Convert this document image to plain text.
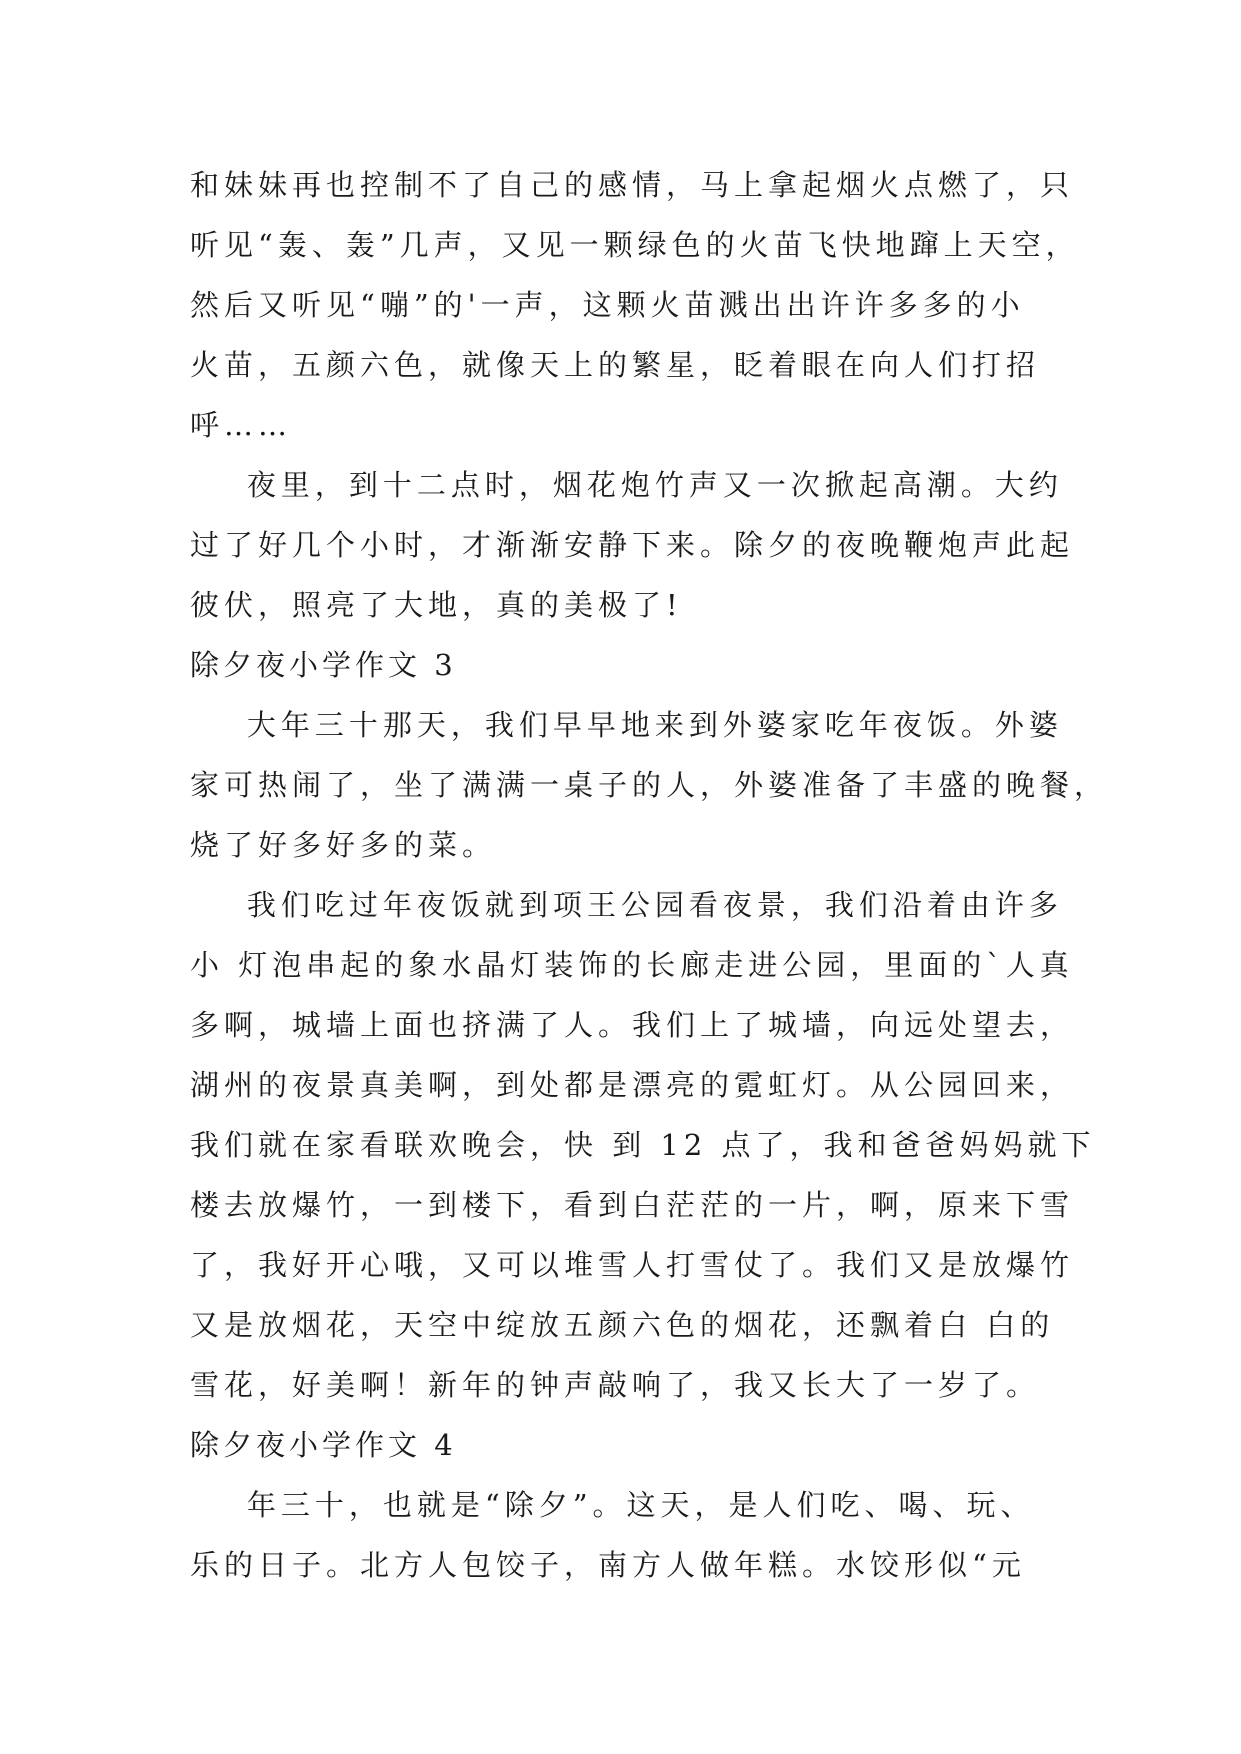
和妹妹再也控制不了自己的感情，马上拿起烟火点燃了，只
听见“轰、轰”几声，又见一颗绿色的火苗飞快地蹿上天空，
然后又听见“嘣”的'一声，这颗火苗溅出出许许多多的小
火苗，五颜六色，就像天上的繁星，眨着眼在向人们打招
呼……
夜里，到十二点时，烟花炮竹声又一次掀起高潮。大约
过了好几个小时，才渐渐安静下来。除夕的夜晚鞭炮声此起
彼伏，照亮了大地，真的美极了!
除夕夜小学作文 3
大年三十那天，我们早早地来到外婆家吃年夜饭。外婆
家可热闹了，坐了满满一桌子的人，外婆准备了丰盛的晚餐，
烧了好多好多的菜。
我们吃过年夜饭就到项王公园看夜景，我们沿着由许多
小 灯泡串起的象水晶灯装饰的长廊走进公园，里面的`人真
多啊，城墙上面也挤满了人。我们上了城墙，向远处望去，
湖州的夜景真美啊，到处都是漂亮的霓虹灯。从公园回来，
我们就在家看联欢晚会，快 到 12 点了，我和爸爸妈妈就下
楼去放爆竹，一到楼下，看到白茫茫的一片，啊，原来下雪
了，我好开心哦，又可以堆雪人打雪仗了。我们又是放爆竹
又是放烟花，天空中绽放五颜六色的烟花，还飘着白 白的
雪花，好美啊！新年的钟声敲响了，我又长大了一岁了。
除夕夜小学作文 4
年三十，也就是“除夕”。这天，是人们吃、喝、玩、
乐的日子。北方人包饺子，南方人做年糕。水饺形似“元
